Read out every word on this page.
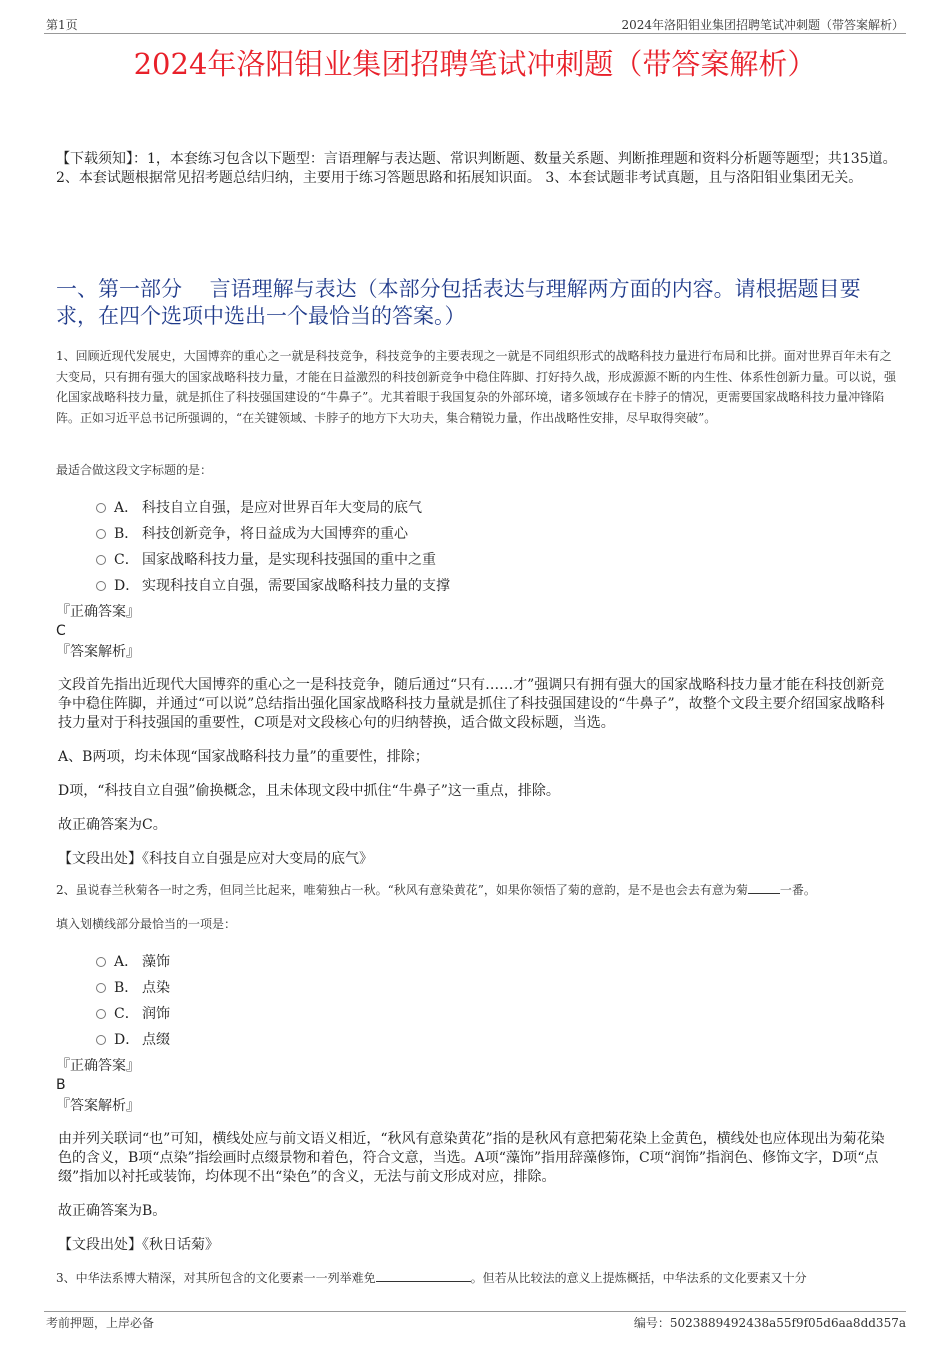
第1页	2024年洛阳钼业集团招聘笔试冲刺题（带答案解析）
2024年洛阳钼业集团招聘笔试冲刺题（带答案解析）
【下载须知】：1，本套练习包含以下题型：言语理解与表达题、常识判断题、数量关系题、判断推理题和资料分析题等题型；共135道。 2、本套试题根据常见招考题总结归纳，主要用于练习答题思路和拓展知识面。 3、本套试题非考试真题，且与洛阳钼业集团无关。
一、第一部分　 言语理解与表达（本部分包括表达与理解两方面的内容。请根据题目要求，在四个选项中选出一个最恰当的答案。）
1、回顾近现代发展史，大国博弈的重心之一就是科技竞争，科技竞争的主要表现之一就是不同组织形式的战略科技力量进行布局和比拼。面对世界百年未有之大变局，只有拥有强大的国家战略科技力量，才能在日益激烈的科技创新竞争中稳住阵脚、打好持久战，形成源源不断的内生性、体系性创新力量。可以说，强化国家战略科技力量，就是抓住了科技强国建设的“牛鼻子”。尤其着眼于我国复杂的外部环境，诸多领域存在卡脖子的情况，更需要国家战略科技力量冲锋陷阵。正如习近平总书记所强调的，“在关键领域、卡脖子的地方下大功夫，集合精锐力量，作出战略性安排，尽早取得突破”。
最适合做这段文字标题的是：
A． 科技自立自强，是应对世界百年大变局的底气
B． 科技创新竞争，将日益成为大国博弈的重心
C． 国家战略科技力量，是实现科技强国的重中之重
D． 实现科技自立自强，需要国家战略科技力量的支撑
『正确答案』
C
『答案解析』
文段首先指出近现代大国博弈的重心之一是科技竞争，随后通过“只有……才”强调只有拥有强大的国家战略科技力量才能在科技创新竞争中稳住阵脚，并通过“可以说”总结指出强化国家战略科技力量就是抓住了科技强国建设的“牛鼻子”，故整个文段主要介绍国家战略科技力量对于科技强国的重要性，C项是对文段核心句的归纳替换，适合做文段标题，当选。
A、B两项，均未体现“国家战略科技力量”的重要性，排除；
D项，“科技自立自强”偷换概念，且未体现文段中抓住“牛鼻子”这一重点，排除。
故正确答案为C。
【文段出处】《科技自立自强是应对大变局的底气》
2、虽说春兰秋菊各一时之秀，但同兰比起来，唯菊独占一秋。“秋风有意染黄花”，如果你领悟了菊的意韵，是不是也会去有意为菊	一番。
填入划横线部分最恰当的一项是：
A． 藻饰
B． 点染
C． 润饰
D． 点缀
『正确答案』
B
『答案解析』
由并列关联词“也”可知，横线处应与前文语义相近，“秋风有意染黄花”指的是秋风有意把菊花染上金黄色，横线处也应体现出为菊花染色的含义，B项“点染”指绘画时点缀景物和着色，符合文意，当选。A项“藻饰”指用辞藻修饰，C项“润饰”指润色、修饰文字，D项“点缀”指加以衬托或装饰，均体现不出“染色”的含义，无法与前文形成对应，排除。
故正确答案为B。
【文段出处】《秋日话菊》
3、中华法系博大精深，对其所包含的文化要素一一列举难免	。但若从比较法的意义上提炼概括，中华法系的文化要素又十分
考前押题，上岸必备	编号：5023889492438a55f9f05d6aa8dd357a
